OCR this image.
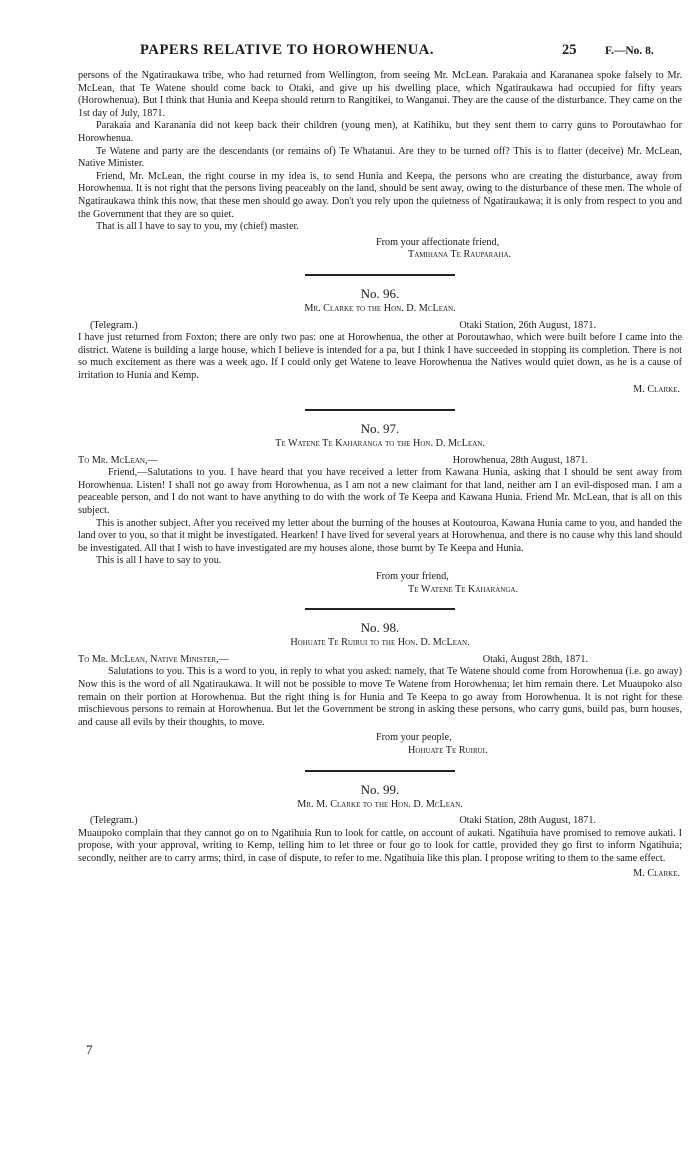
PAPERS RELATIVE TO HOROWHENUA.	25 F.—No. 8.

persons of the Ngatiraukawa tribe, who had returned from Wellington, from seeing Mr. McLean. Parakaia and Karananea spoke falsely to Mr. McLean, that Te Watene should come back to Otaki, and give up his dwelling place, which Ngatiraukawa had occupied for fifty years (Horowhenua). But I think that Hunia and Keepa should return to Rangitikei, to Wanganui. They are the cause of the disturbance. They came on the 1st day of July, 1871.

Parakaia and Karanania did not keep back their children (young men), at Katihiku, but they sent them to carry guns to Poroutawhao for Horowhenua.

Te Watene and party are the descendants (or remains of) Te Whatanui. Are they to be turned off? This is to flatter (deceive) Mr. McLean, Native Minister.

Friend, Mr. McLean, the right course in my idea is, to send Hunia and Keepa, the persons who are creating the disturbance, away from Horowhenua. It is not right that the persons living peaceably on the land, should be sent away, owing to the disturbance of these men. The whole of Ngatiraukawa think this now, that these men should go away. Don't you rely upon the quietness of Ngatiraukawa; it is only from respect to you and the Government that they are so quiet.

That is all I have to say to you, my (chief) master.

From your affectionate friend,

Tamihana Te Rauparaha.

No. 96.
Mr. Clarke to the Hon. D. McLean.
(Telegram.)	Otaki Station, 26th August, 1871.

I have just returned from Foxton; there are only two pas: one at Horowhenua, the other at Poroutawhao, which were built before I came into the district. Watene is building a large house, which I believe is intended for a pa, but I think I have succeeded in stopping its completion. There is not so much excitement as there was a week ago. If I could only get Watene to leave Horowhenua the Natives would quiet down, as he is a cause of irritation to Hunia and Kemp.

M. Clarke.

No. 97.
Te Watene Te Kaharanga to the Hon. D. McLean.
To Mr. McLean,—	Horowhenua, 28th August, 1871.

Friend,—Salutations to you. I have heard that you have received a letter from Kawana Hunia, asking that I should be sent away from Horowhenua. Listen! I shall not go away from Horowhenua, as I am not a new claimant for that land, neither am I an evil-disposed man. I am a peaceable person, and I do not want to have anything to do with the work of Te Keepa and Kawana Hunia. Friend Mr. McLean, that is all on this subject.

This is another subject. After you received my letter about the burning of the houses at Koutouroa, Kawana Hunia came to you, and handed the land over to you, so that it might be investigated. Hearken! I have lived for several years at Horowhenua, and there is no cause why this land should be investigated. All that I wish to have investigated are my houses alone, those burnt by Te Keepa and Hunia.

This is all I have to say to you.

From your friend,

Te Watene Te Kaharanga.

No. 98.
Hohuate Te Ruirui to the Hon. D. McLean.
To Mr. McLean, Native Minister,—	Otaki, August 28th, 1871.

Salutations to you. This is a word to you, in reply to what you asked: namely, that Te Watene should come from Horowhenua (i.e. go away) Now this is the word of all Ngatiraukawa. It will not be possible to move Te Watene from Horowhenua; let him remain there. Let Muaupoko also remain on their portion at Horowhenua. But the right thing is for Hunia and Te Keepa to go away from Horowhenua. It is not right for these mischievous persons to remain at Horowhenua. But let the Government be strong in asking these persons, who carry guns, build pas, burn houses, and cause all evils by their thoughts, to move.

From your people,

Hohuate Te Ruirui.

No. 99.
Mr. M. Clarke to the Hon. D. McLean.
(Telegram.)	Otaki Station, 28th August, 1871.

Muaupoko complain that they cannot go on to Ngatihuia Run to look for cattle, on account of aukati. Ngatihuia have promised to remove aukati. I propose, with your approval, writing to Kemp, telling him to let three or four go to look for cattle, provided they go first to inform Ngatihuia; secondly, neither are to carry arms; third, in case of dispute, to refer to me. Ngatihuia like this plan. I propose writing to them to the same effect.

M. Clarke.

7
